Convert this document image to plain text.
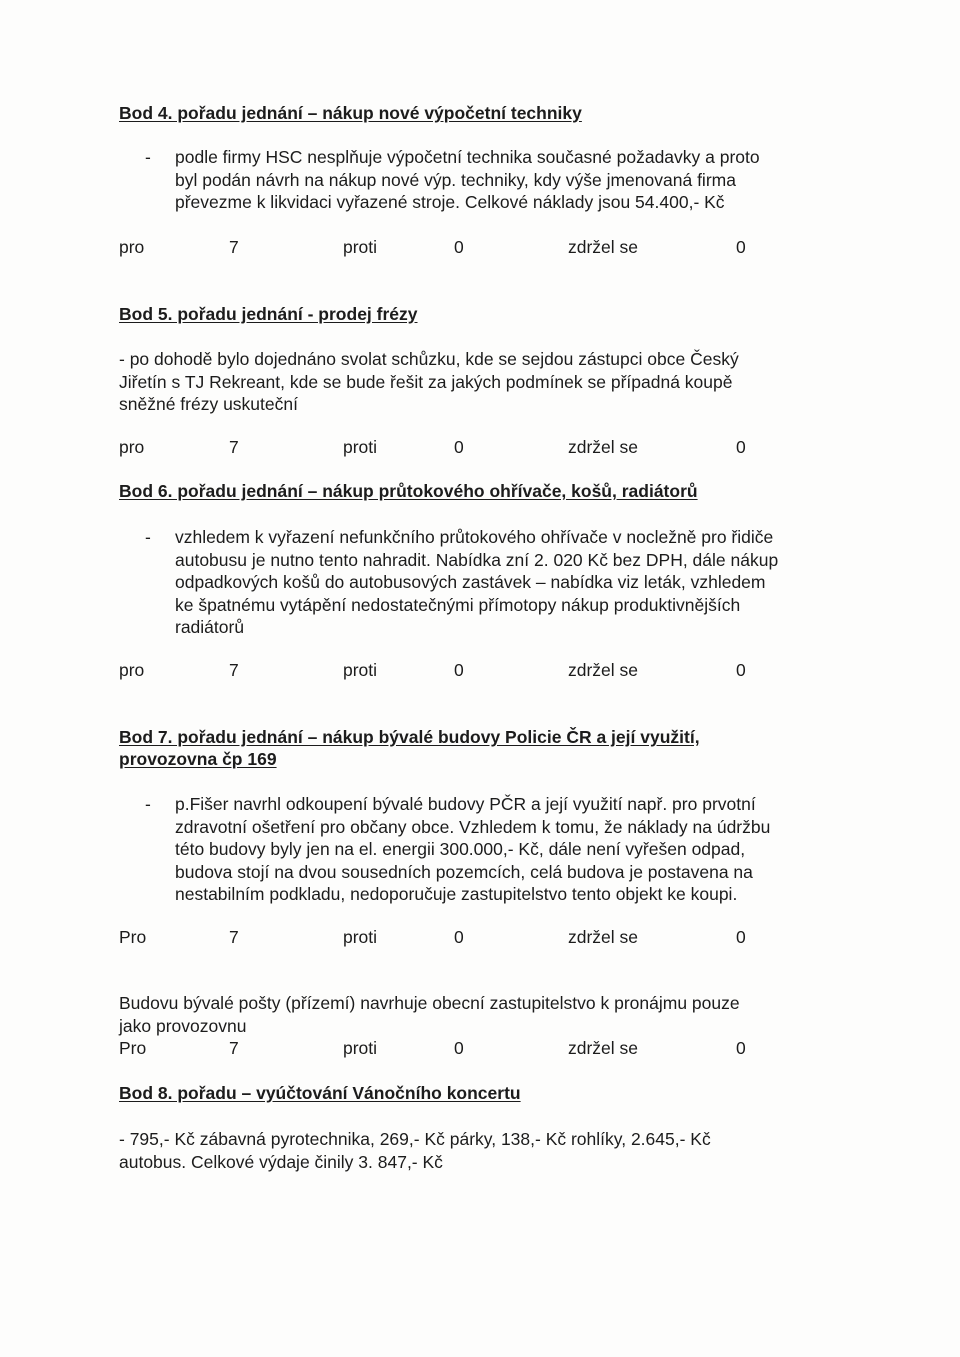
Bod 4. pořadu jednání – nákup nové výpočetní techniky
- podle firmy HSC nesplňuje výpočetní technika současné požadavky a proto
byl podán návrh na nákup nové výp. techniky, kdy výše jmenovaná firma
převezme k likvidaci vyřazené stroje. Celkové náklady jsou 54.400,- Kč
pro	7	proti	0	zdržel se	0
Bod 5. pořadu jednání - prodej frézy
- po dohodě bylo dojednáno svolat schůzku, kde se sejdou zástupci obce Český
Jiřetín s TJ Rekreant, kde se bude řešit za jakých podmínek se případná koupě
sněžné frézy uskuteční
pro	7	proti	0	zdržel se	0
Bod 6. pořadu jednání – nákup průtokového ohřívače, košů, radiátorů
- vzhledem k vyřazení nefunkčního průtokového ohřívače v nocležně pro řidiče
autobusu je nutno tento nahradit. Nabídka zní 2. 020 Kč bez DPH, dále nákup
odpadkových košů do autobusových zastávek – nabídka viz leták, vzhledem
ke špatnému vytápění nedostatečnými přímotopy nákup produktivnějších
radiátorů
pro	7	proti	0	zdržel se	0
Bod 7. pořadu jednání – nákup bývalé budovy Policie ČR a její využití,
provozovna čp 169
- p.Fišer navrhl odkoupení bývalé budovy PČR a její využití např. pro prvotní
zdravotní ošetření pro občany obce. Vzhledem k tomu, že náklady na údržbu
této budovy byly jen na el. energii 300.000,- Kč, dále není vyřešen odpad,
budova stojí na dvou sousedních pozemcích, celá budova je postavena na
nestabilním podkladu, nedoporučuje zastupitelstvo tento objekt ke koupi.
Pro	7	proti	0	zdržel se	0
Budovu bývalé pošty (přízemí) navrhuje obecní zastupitelstvo k pronájmu pouze
jako provozovnu
Pro	7	proti	0	zdržel se	0
Bod 8. pořadu – vyúčtování Vánočního koncertu
- 795,- Kč zábavná pyrotechnika, 269,- Kč párky, 138,- Kč rohlíky, 2.645,- Kč
autobus. Celkové výdaje činily 3. 847,- Kč
